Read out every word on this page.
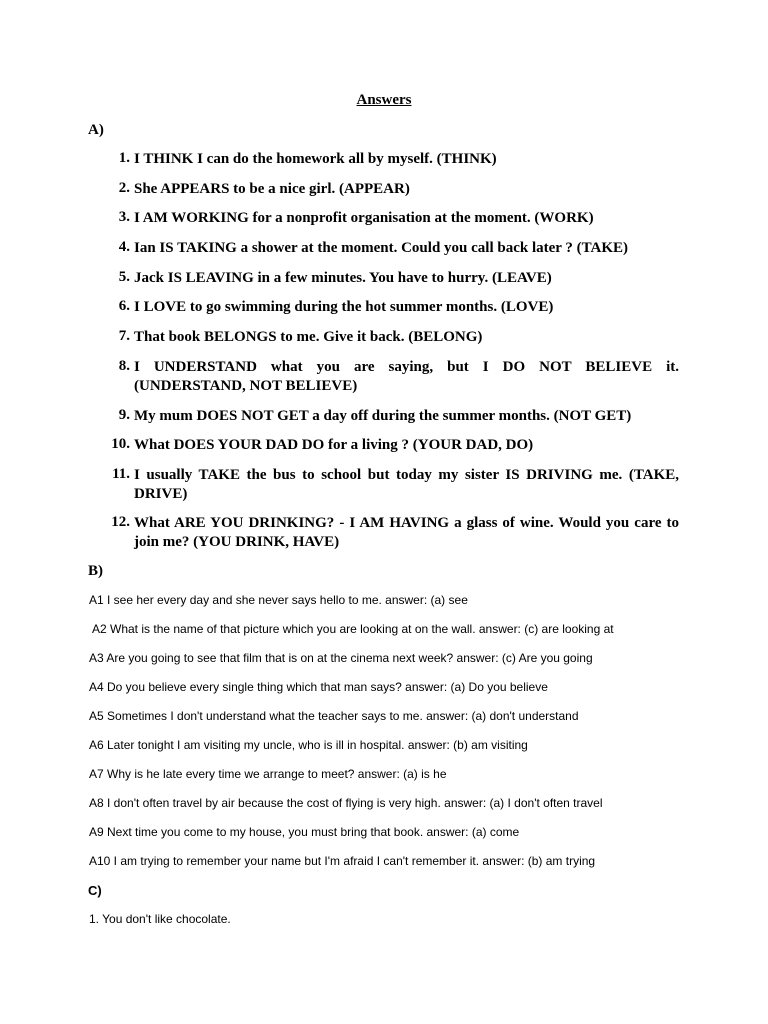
Answers

A)

1. I THINK I can do the homework all by myself. (THINK)
2. She APPEARS to be a nice girl. (APPEAR)
3. I AM WORKING for a nonprofit organisation at the moment. (WORK)
4. Ian IS TAKING a shower at the moment. Could you call back later ? (TAKE)
5. Jack IS LEAVING in a few minutes. You have to hurry. (LEAVE)
6. I LOVE to go swimming during the hot summer months. (LOVE)
7. That book BELONGS to me. Give it back. (BELONG)
8. I UNDERSTAND what you are saying, but I DO NOT BELIEVE it. (UNDERSTAND, NOT BELIEVE)
9. My mum DOES NOT GET a day off during the summer months. (NOT GET)
10. What DOES YOUR DAD DO for a living ? (YOUR DAD, DO)
11. I usually TAKE the bus to school but today my sister IS DRIVING me. (TAKE, DRIVE)
12. What ARE YOU DRINKING? - I AM HAVING a glass of wine. Would you care to join me? (YOU DRINK, HAVE)

B)

A1 I see her every day and she never says hello to me. answer: (a) see

A2 What is the name of that picture which you are looking at on the wall. answer: (c) are looking at

A3 Are you going to see that film that is on at the cinema next week? answer: (c) Are you going

A4 Do you believe every single thing which that man says? answer: (a) Do you believe

A5 Sometimes I don't understand what the teacher says to me. answer: (a) don't understand

A6 Later tonight I am visiting my uncle, who is ill in hospital. answer: (b) am visiting

A7 Why is he late every time we arrange to meet? answer: (a) is he

A8 I don't often travel by air because the cost of flying is very high. answer: (a) I don't often travel

A9 Next time you come to my house, you must bring that book. answer: (a) come

A10 I am trying to remember your name but I'm afraid I can't remember it. answer: (b) am trying

C)

1. You don't like chocolate.
